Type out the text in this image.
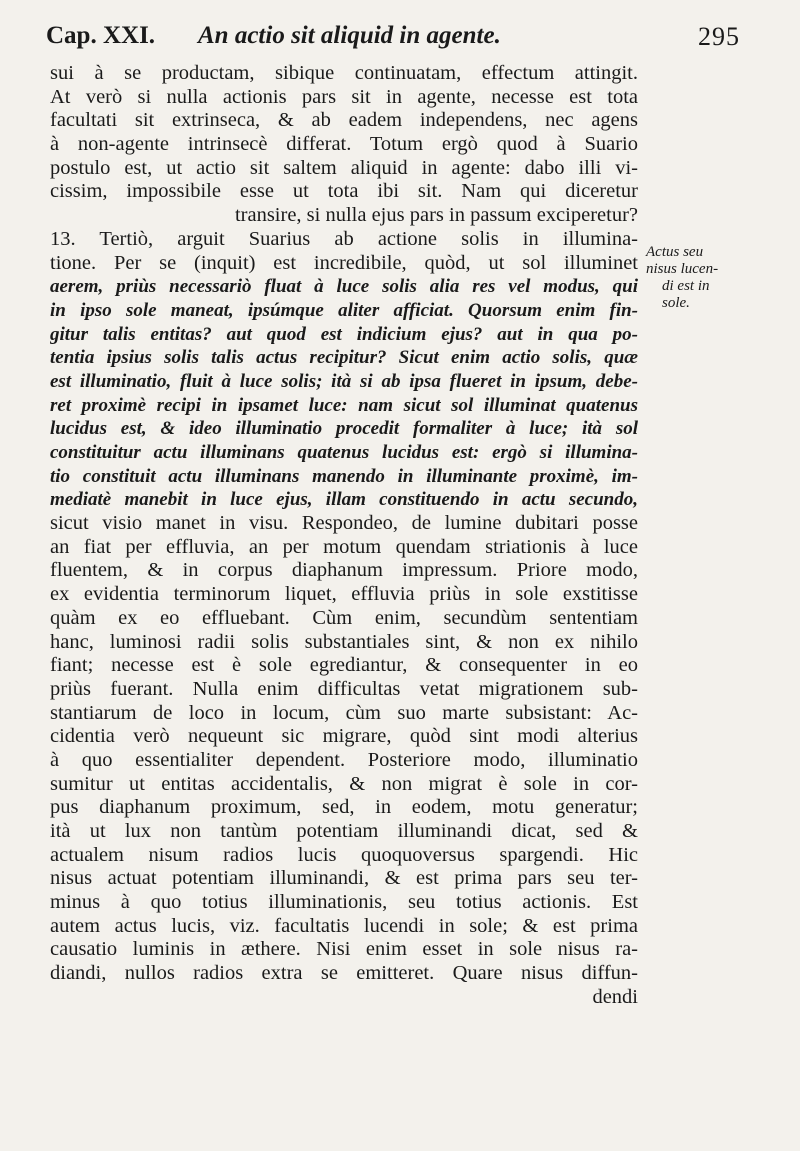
Cap. XXI. An actio sit aliquid in agente.	295
sui à se productam, sibique continuatam, effectum attingit.
At verò si nulla actionis pars sit in agente, necesse est tota
facultati sit extrinseca, & ab eadem independens, nec agens
à non-agente intrinsecè differat. Totum ergò quod à Suario
postulo est, ut actio sit saltem aliquid in agente: dabo illi vi-
cissim, impossibile esse ut tota ibi sit. Nam qui diceretur
transire, si nulla ejus pars in passum exciperetur?
13. Tertiò, arguit Suarius ab actione solis in illumina-
tione. Per se (inquit) est incredibile, quòd, ut sol illuminet
aerem, priùs necessariò fluat à luce solis alia res vel modus, qui
in ipso sole maneat, ipsúmque aliter afficiat. Quorsum enim fin-
gitur talis entitas? aut quod est indicium ejus? aut in qua po-
tentia ipsius solis talis actus recipitur? Sicut enim actio solis, quæ
est illuminatio, fluit à luce solis; ità si ab ipsa flueret in ipsum, debe-
ret proximè recipi in ipsamet luce: nam sicut sol illuminat quatenus
lucidus est, & ideo illuminatio procedit formaliter à luce; ità sol
constituitur actu illuminans quatenus lucidus est: ergò si illumina-
tio constituit actu illuminans manendo in illuminante proximè, im-
mediatè manebit in luce ejus, illam constituendo in actu secundo,
sicut visio manet in visu. Respondeo, de lumine dubitari posse
an fiat per effluvia, an per motum quendam striationis à luce
fluentem, & in corpus diaphanum impressum. Priore modo,
ex evidentia terminorum liquet, effluvia priùs in sole exstitisse
quàm ex eo effluebant. Cùm enim, secundùm sententiam
hanc, luminosi radii solis substantiales sint, & non ex nihilo
fiant; necesse est è sole egrediantur, & consequenter in eo
priùs fuerant. Nulla enim difficultas vetat migrationem sub-
stantiarum de loco in locum, cùm suo marte subsistant: Ac-
cidentia verò nequeunt sic migrare, quòd sint modi alterius
à quo essentialiter dependent. Posteriore modo, illuminatio
sumitur ut entitas accidentalis, & non migrat è sole in cor-
pus diaphanum proximum, sed, in eodem, motu generatur;
ità ut lux non tantùm potentiam illuminandi dicat, sed &
actualem nisum radios lucis quoquoversus spargendi. Hic
nisus actuat potentiam illuminandi, & est prima pars seu ter-
minus à quo totius illuminationis, seu totius actionis. Est
autem actus lucis, viz. facultatis lucendi in sole; & est prima
causatio luminis in æthere. Nisi enim esset in sole nisus ra-
diandi, nullos radios extra se emitteret. Quare nisus diffun-
dendi
Actus seu
nisus lucen-
di est in
sole.
